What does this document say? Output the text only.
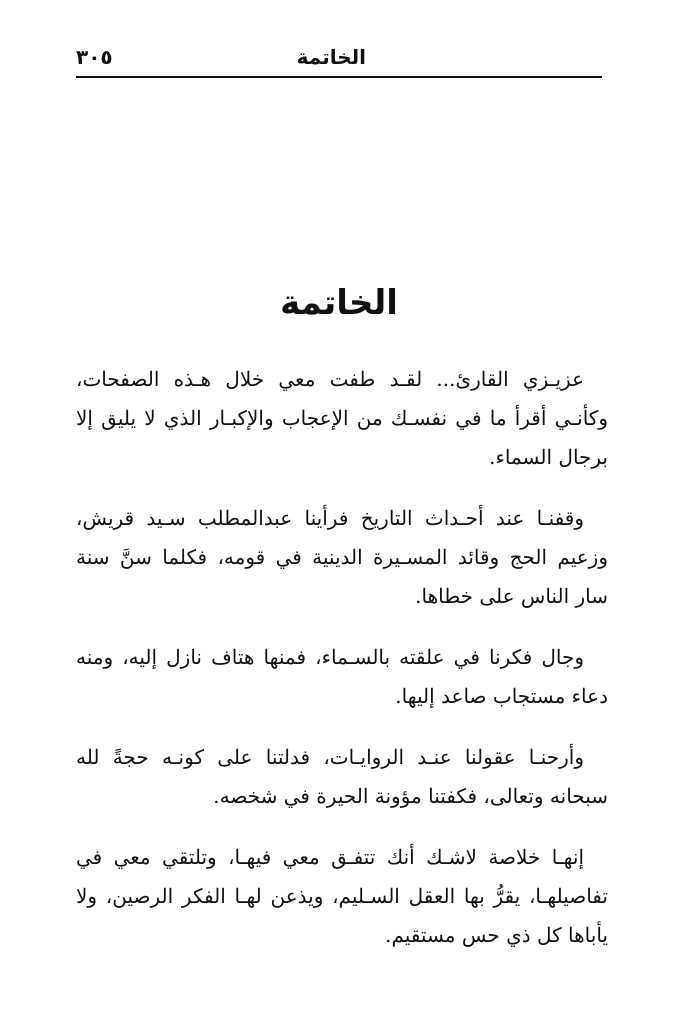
الخاتمة
٣٠٥
الخاتمة

عزيـزي القارئ... لقـد طفت معي خلال هـذه الصفحات، وكأنـي أقرأ ما في نفسـك من الإعجاب والإكبـار الذي لا يليق إلا برجال السماء.

وقفنـا عند أحـداث التاريخ فرأينا عبدالمطلب سـيد قريش، وزعيم الحج وقائد المسـيرة الدينية في قومه، فكلما سنَّ سنة سار الناس على خطاها.

وجال فكرنا في علقته بالسـماء، فمنها هتاف نازل إليه، ومنه دعاء مستجاب صاعد إليها.

وأرحنـا عقولنا عنـد الروايـات، فدلتنا على كونـه حجةً لله سبحانه وتعالى، فكفتنا مؤونة الحيرة في شخصه.

إنهـا خلاصة لاشـك أنك تتفـق معي فيهـا، وتلتقي معي في تفاصيلهـا، يقرُّ بها العقل السـليم، ويذعن لهـا الفكر الرصين، ولا يأباها كل ذي حس مستقيم.
